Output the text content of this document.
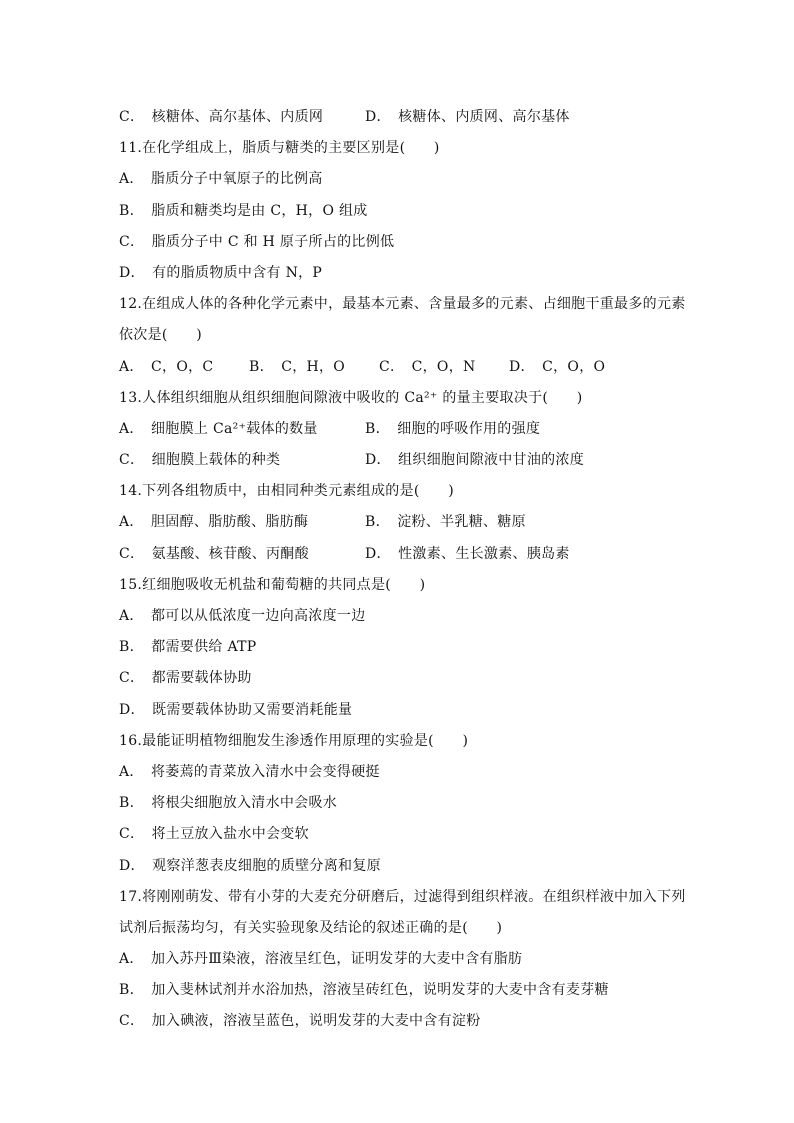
C．　核糖体、高尔基体、内质网	D．　核糖体、内质网、高尔基体
11.在化学组成上，脂质与糖类的主要区别是(　　)
A．　脂质分子中氧原子的比例高
B．　脂质和糖类均是由 C，H，O 组成
C．　脂质分子中 C 和 H 原子所占的比例低
D．　有的脂质物质中含有 N，P
12.在组成人体的各种化学元素中，最基本元素、含量最多的元素、占细胞干重最多的元素
依次是(　　)
A．　C，O，C	B．　C，H，O C．　C，O，N D．　C，O，O
13.人体组织细胞从组织细胞间隙液中吸收的 Ca²⁺ 的量主要取决于(　　)
A．　细胞膜上 Ca²⁺载体的数量	B．　细胞的呼吸作用的强度
C．　细胞膜上载体的种类	D．　组织细胞间隙液中甘油的浓度
14.下列各组物质中，由相同种类元素组成的是(　　)
A．　胆固醇、脂肪酸、脂肪酶	B．　淀粉、半乳糖、糖原
C．　氨基酸、核苷酸、丙酮酸	D．　性激素、生长激素、胰岛素
15.红细胞吸收无机盐和葡萄糖的共同点是(　　)
A．　都可以从低浓度一边向高浓度一边
B．　都需要供给 ATP
C．　都需要载体协助
D．　既需要载体协助又需要消耗能量
16.最能证明植物细胞发生渗透作用原理的实验是(　　)
A．　将萎蔫的青菜放入清水中会变得硬挺
B．　将根尖细胞放入清水中会吸水
C．　将土豆放入盐水中会变软
D．　观察洋葱表皮细胞的质壁分离和复原
17.将刚刚萌发、带有小芽的大麦充分研磨后，过滤得到组织样液。在组织样液中加入下列
试剂后振荡均匀，有关实验现象及结论的叙述正确的是(　　)
A．　加入苏丹Ⅲ染液，溶液呈红色，证明发芽的大麦中含有脂肪
B．　加入斐林试剂并水浴加热，溶液呈砖红色，说明发芽的大麦中含有麦芽糖
C．　加入碘液，溶液呈蓝色，说明发芽的大麦中含有淀粉
